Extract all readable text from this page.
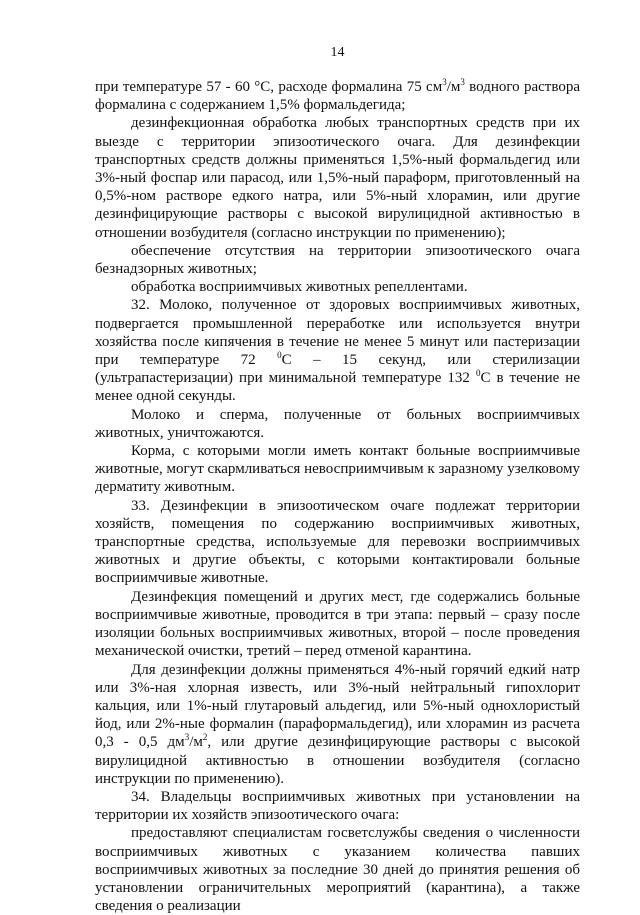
14

при температуре 57 - 60 °С, расходе формалина 75 $см^3/м^3$ водного раствора формалина с содержанием 1,5% формальдегида;

дезинфекционная обработка любых транспортных средств при их выезде с территории эпизоотического очага. Для дезинфекции транспортных средств должны применяться 1,5%-ный формальдегид или 3%-ный фоспар или парасод, или 1,5%-ный параформ, приготовленный на 0,5%-ном растворе едкого натра, или 5%-ный хлорамин, или другие дезинфицирующие растворы с высокой вирулицидной активностью в отношении возбудителя (согласно инструкции по применению);

обеспечение отсутствия на территории эпизоотического очага безнадзорных животных;

обработка восприимчивых животных репеллентами.

32. Молоко, полученное от здоровых восприимчивых животных, подвергается промышленной переработке или используется внутри хозяйства после кипячения в течение не менее 5 минут или пастеризации при температуре 72 $^0$С – 15 секунд, или стерилизации (ультрапастеризации) при минимальной температуре 132 $^0$С в течение не менее одной секунды.

Молоко и сперма, полученные от больных восприимчивых животных, уничтожаются.

Корма, с которыми могли иметь контакт больные восприимчивые животные, могут скармливаться невосприимчивым к заразному узелковому дерматиту животным.

33. Дезинфекции в эпизоотическом очаге подлежат территории хозяйств, помещения по содержанию восприимчивых животных, транспортные средства, используемые для перевозки восприимчивых животных и другие объекты, с которыми контактировали больные восприимчивые животные.

Дезинфекция помещений и других мест, где содержались больные восприимчивые животные, проводится в три этапа: первый – сразу после изоляции больных восприимчивых животных, второй – после проведения механической очистки, третий – перед отменой карантина.

Для дезинфекции должны применяться 4%-ный горячий едкий натр или 3%-ная хлорная известь, или 3%-ный нейтральный гипохлорит кальция, или 1%-ный глутаровый альдегид, или 5%-ный однохлористый йод, или 2%-ные формалин (параформальдегид), или хлорамин из расчета 0,3 - 0,5 $дм^3/м^2$, или другие дезинфицирующие растворы с высокой вирулицидной активностью в отношении возбудителя (согласно инструкции по применению).

34. Владельцы восприимчивых животных при установлении на территории их хозяйств эпизоотического очага:

предоставляют специалистам госветслужбы сведения о численности восприимчивых животных с указанием количества павших восприимчивых животных за последние 30 дней до принятия решения об установлении ограничительных мероприятий (карантина), а также сведения о реализации
